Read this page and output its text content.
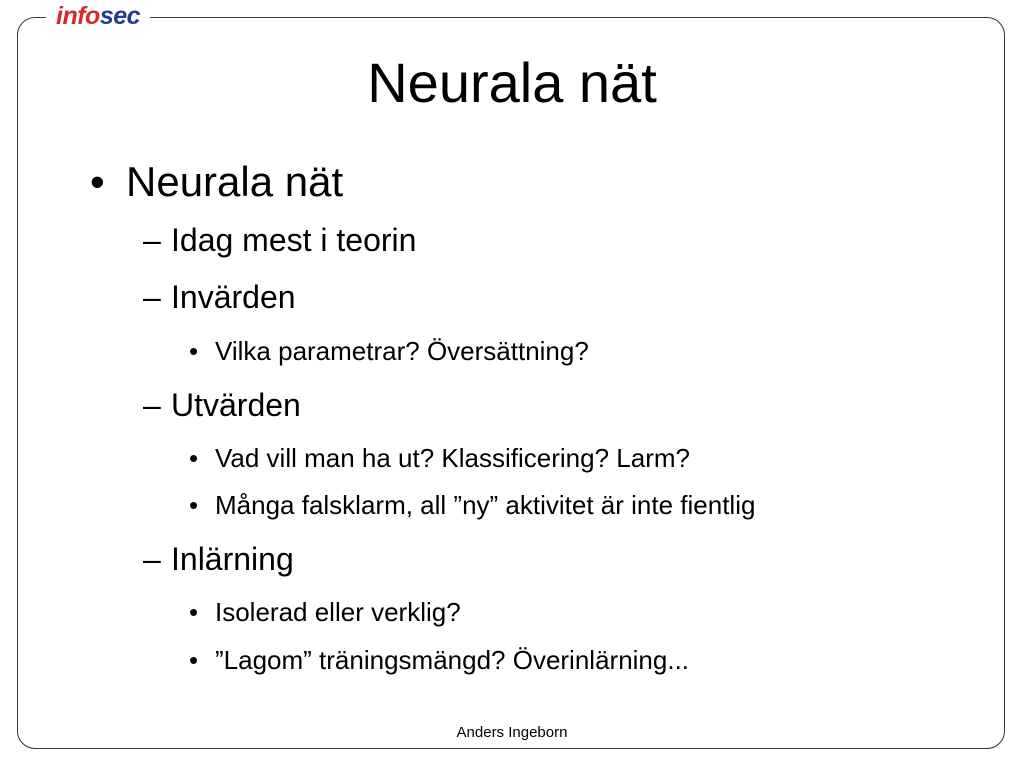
infosec
Neurala nät
• Neurala nät
– Idag mest i teorin
– Invärden
• Vilka parametrar? Översättning?
– Utvärden
• Vad vill man ha ut? Klassificering? Larm?
• Många falsklarm, all ”ny” aktivitet är inte fientlig
– Inlärning
• Isolerad eller verklig?
• ”Lagom” träningsmängd? Överinlärning...
Anders Ingeborn
